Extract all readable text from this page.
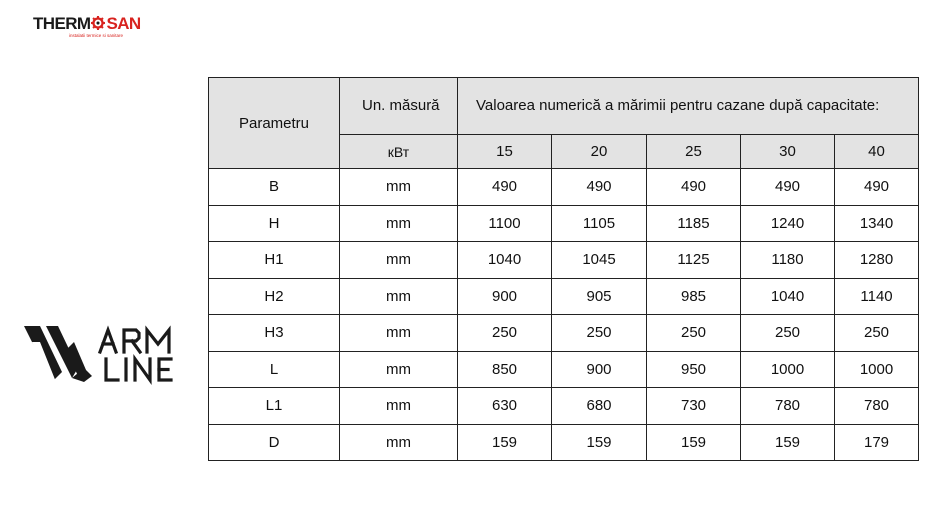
THERM SAN
instalatii termice si sanitare
Parametru	Un. măsură	Valoarea numerică a mărimii pentru cazane după capacitate:				
	кВт	15	20	25	30	40
B	mm	490	490	490	490	490
H	mm	1100	1105	1185	1240	1340
H1	mm	1040	1045	1125	1180	1280
H2	mm	900	905	985	1040	1140
H3	mm	250	250	250	250	250
L	mm	850	900	950	1000	1000
L1	mm	630	680	730	780	780
D	mm	159	159	159	159	179
